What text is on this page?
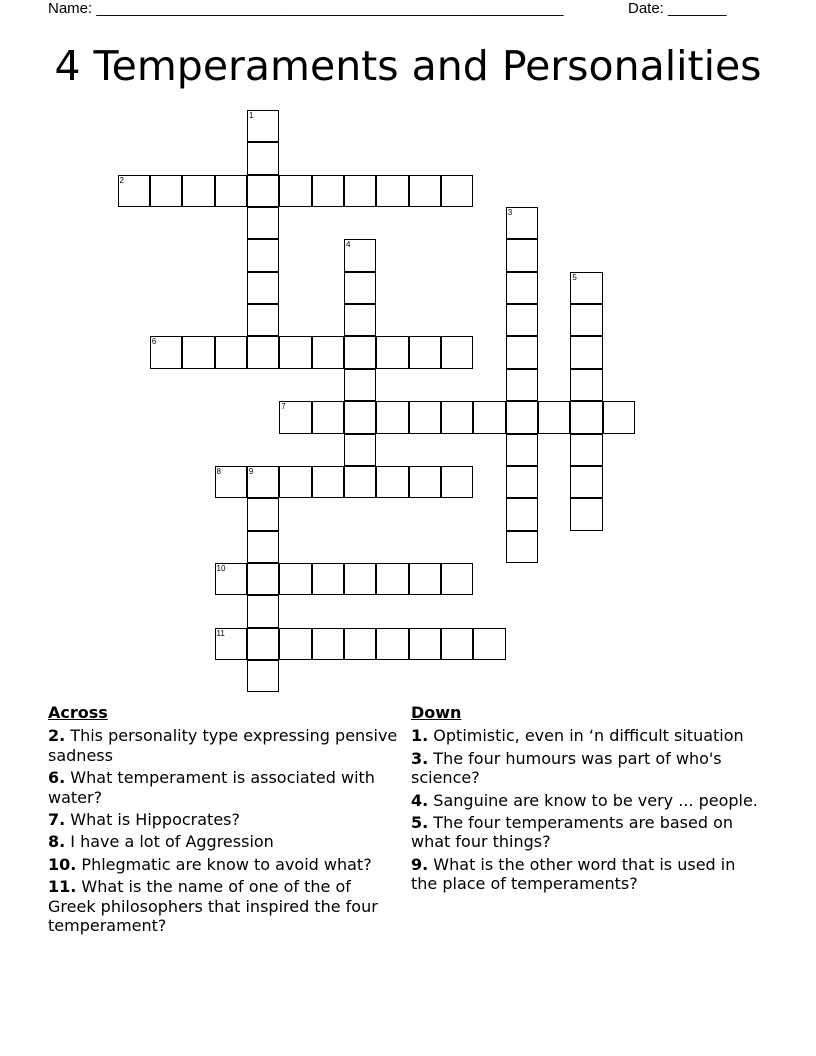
Name: ________________________________________________________	Date: _______
4 Temperaments and Personalities
1
2
3
4
5
6
7
8	9
10
11
Across
2. This personality type expressing pensive sadness
6. What temperament is associated with water?
7. What is Hippocrates?
8. I have a lot of Aggression
10. Phlegmatic are know to avoid what?
11. What is the name of one of the of Greek philosophers that inspired the four temperament?
Down
1. Optimistic, even in ‘n difficult situation
3. The four humours was part of who's science?
4. Sanguine are know to be very ... people.
5. The four temperaments are based on what four things?
9. What is the other word that is used in the place of temperaments?
